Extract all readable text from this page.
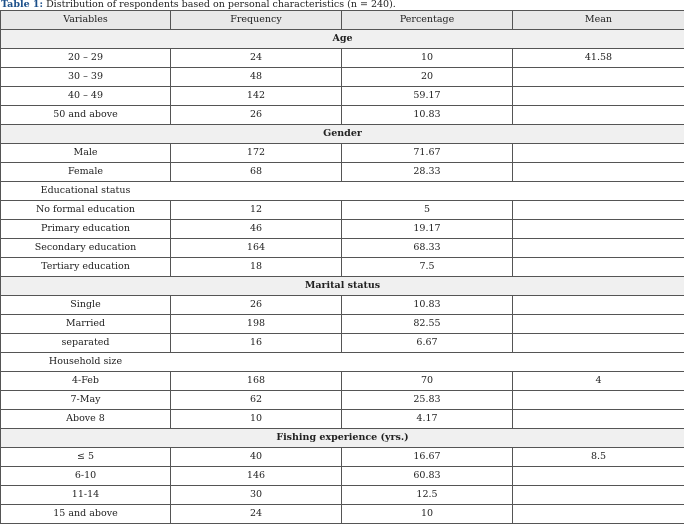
Table 1: Distribution of respondents based on personal characteristics (n = 240).
Variables	Frequency	Percentage	Mean
Age			
20 – 29	24	10	41.58
30 – 39	48	20	
40 – 49	142	59.17	
50 and above	26	10.83	
Gender			
Male	172	71.67	
Female	68	28.33	
Educational status			
No formal education	12	5	
Primary education	46	19.17	
Secondary education	164	68.33	
Tertiary education	18	7.5	
Marital status			
Single	26	10.83	
Married	198	82.55	
separated	16	6.67	
Household size			
4-Feb	168	70	4
7-May	62	25.83	
Above 8	10	4.17	
Fishing experience (yrs.)			
≤ 5	40	16.67	8.5
6-10	146	60.83	
11-14	30	12.5	
15 and above	24	10	
